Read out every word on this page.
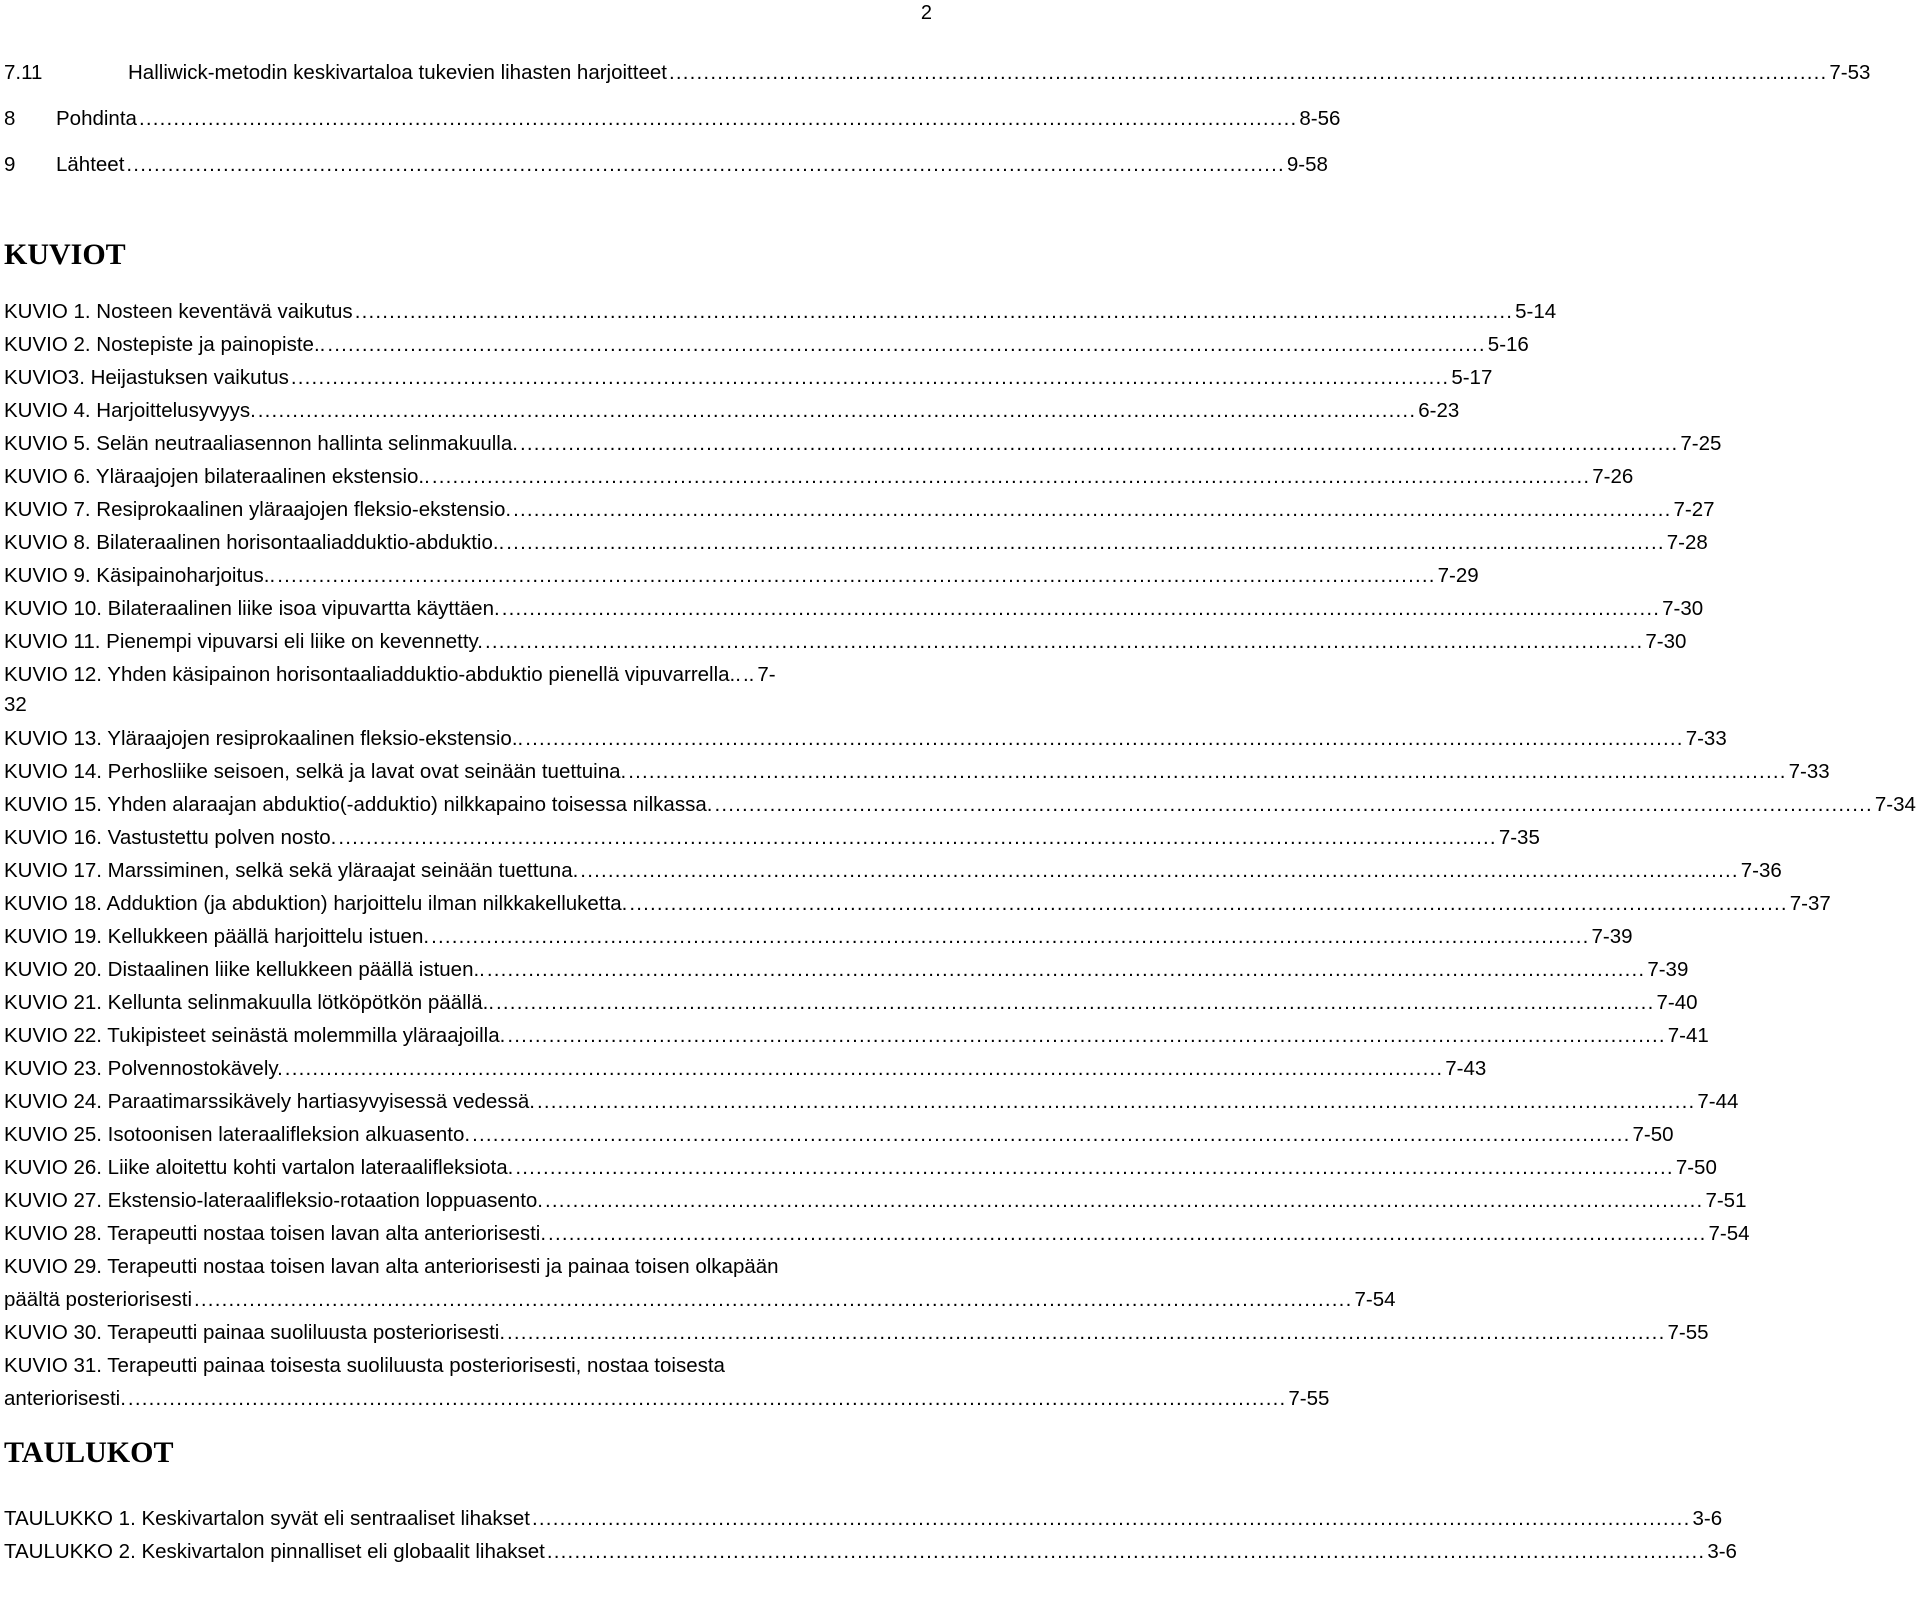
2
7.11	Halliwick-metodin keskivartaloa tukevien lihasten harjoitteet ........................................................................................................................................................................ 7-53
8	Pohdinta ........................................................................................................................................................................ 8-56
9	Lähteet ........................................................................................................................................................................ 9-58
KUVIOT
KUVIO 1. Nosteen keventävä vaikutus ........................................................................................................................................................................ 5-14
KUVIO 2. Nostepiste ja painopiste.. ........................................................................................................................................................................ 5-16
KUVIO3. Heijastuksen vaikutus ........................................................................................................................................................................ 5-17
KUVIO 4. Harjoittelusyvyys. ........................................................................................................................................................................ 6-23
KUVIO 5. Selän neutraaliasennon hallinta selinmakuulla. ........................................................................................................................................................................ 7-25
KUVIO 6. Yläraajojen bilateraalinen ekstensio.. ........................................................................................................................................................................ 7-26
KUVIO 7. Resiprokaalinen yläraajojen fleksio-ekstensio. ........................................................................................................................................................................ 7-27
KUVIO 8. Bilateraalinen horisontaaliadduktio-abduktio.. ........................................................................................................................................................................ 7-28
KUVIO 9. Käsipainoharjoitus.. ........................................................................................................................................................................ 7-29
KUVIO 10. Bilateraalinen liike isoa vipuvartta käyttäen. ........................................................................................................................................................................ 7-30
KUVIO 11. Pienempi vipuvarsi eli liike on kevennetty. ........................................................................................................................................................................ 7-30
KUVIO 12. Yhden käsipainon horisontaaliadduktio-abduktio pienellä vipuvarrella.. .. 7-
32
KUVIO 13. Yläraajojen resiprokaalinen fleksio-ekstensio.. ........................................................................................................................................................................ 7-33
KUVIO 14. Perhosliike seisoen, selkä ja lavat ovat seinään tuettuina. ........................................................................................................................................................................ 7-33
KUVIO 15. Yhden alaraajan abduktio(-adduktio) nilkkapaino toisessa nilkassa. ........................................................................................................................................................................ 7-34
KUVIO 16. Vastustettu polven nosto. ........................................................................................................................................................................ 7-35
KUVIO 17. Marssiminen, selkä sekä yläraajat seinään tuettuna. ........................................................................................................................................................................ 7-36
KUVIO 18. Adduktion (ja abduktion) harjoittelu ilman nilkkakelluketta. ........................................................................................................................................................................ 7-37
KUVIO 19. Kellukkeen päällä harjoittelu istuen. ........................................................................................................................................................................ 7-39
KUVIO 20. Distaalinen liike kellukkeen päällä istuen.. ........................................................................................................................................................................ 7-39
KUVIO 21. Kellunta selinmakuulla lötköpötkön päällä.. ........................................................................................................................................................................ 7-40
KUVIO 22. Tukipisteet seinästä molemmilla yläraajoilla. ........................................................................................................................................................................ 7-41
KUVIO 23. Polvennostokävely. ........................................................................................................................................................................ 7-43
KUVIO 24. Paraatimarssikävely hartiasyvyisessä vedessä. ........................................................................................................................................................................ 7-44
KUVIO 25. Isotoonisen lateraalifleksion alkuasento. ........................................................................................................................................................................ 7-50
KUVIO 26. Liike aloitettu kohti vartalon lateraalifleksiota. ........................................................................................................................................................................ 7-50
KUVIO 27. Ekstensio-lateraalifleksio-rotaation loppuasento. ........................................................................................................................................................................ 7-51
KUVIO 28. Terapeutti nostaa toisen lavan alta anteriorisesti. ........................................................................................................................................................................ 7-54
KUVIO 29. Terapeutti nostaa toisen lavan alta anteriorisesti ja painaa toisen olkapään
päältä posteriorisesti ........................................................................................................................................................................ 7-54
KUVIO 30. Terapeutti painaa suoliluusta posteriorisesti. ........................................................................................................................................................................ 7-55
KUVIO 31. Terapeutti painaa toisesta suoliluusta posteriorisesti, nostaa toisesta
anteriorisesti. ........................................................................................................................................................................ 7-55
TAULUKOT
TAULUKKO 1. Keskivartalon syvät eli sentraaliset lihakset ........................................................................................................................................................................ 3-6
TAULUKKO 2. Keskivartalon pinnalliset eli globaalit lihakset ........................................................................................................................................................................ 3-6
